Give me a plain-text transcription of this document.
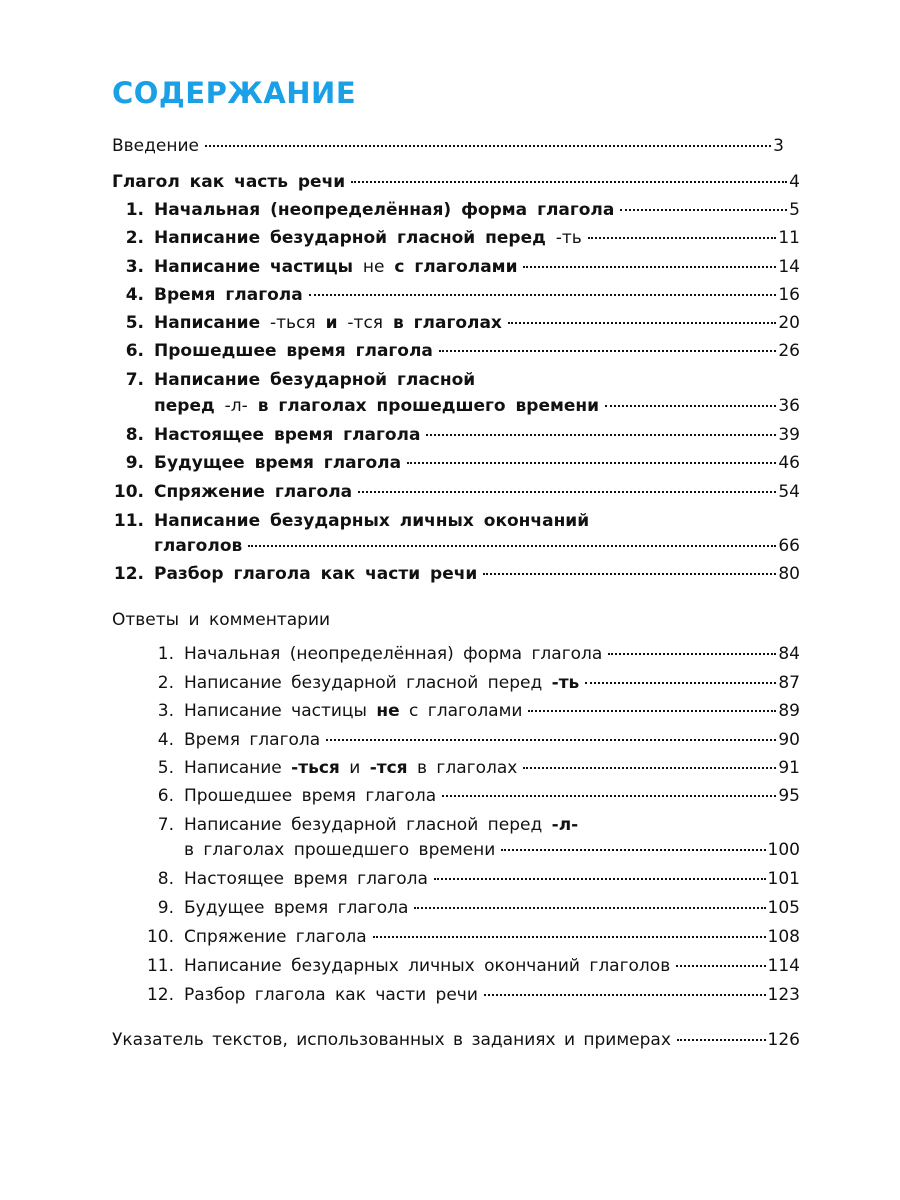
СОДЕРЖАНИЕ
Введение	3
Глагол как часть речи	4
1. Начальная (неопределённая) форма глагола	5
2. Написание безударной гласной перед -ть	11
3. Написание частицы не с глаголами	14
4. Время глагола	16
5. Написание -ться и -тся в глаголах	20
6. Прошедшее время глагола	26
7. Написание безударной гласной
перед -л- в глаголах прошедшего времени	36
8. Настоящее время глагола	39
9. Будущее время глагола	46
10. Спряжение глагола	54
11. Написание безударных личных окончаний
глаголов	66
12. Разбор глагола как части речи	80
Ответы и комментарии
1. Начальная (неопределённая) форма глагола	84
2. Написание безударной гласной перед -ть	87
3. Написание частицы не с глаголами	89
4. Время глагола	90
5. Написание -ться и -тся в глаголах	91
6. Прошедшее время глагола	95
7. Написание безударной гласной перед -л-
в глаголах прошедшего времени	100
8. Настоящее время глагола	101
9. Будущее время глагола	105
10. Спряжение глагола	108
11. Написание безударных личных окончаний глаголов	114
12. Разбор глагола как части речи	123
Указатель текстов, использованных в заданиях и примерах	126
